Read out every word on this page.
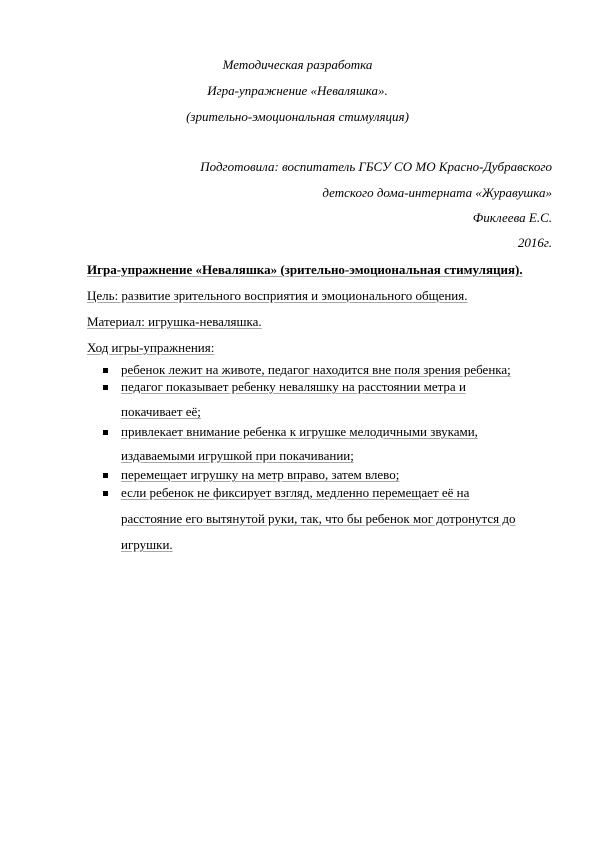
Методическая разработка
Игра-упражнение «Неваляшка».
(зрительно-эмоциональная стимуляция)
Подготовила: воспитатель ГБСУ СО МО Красно-Дубравского
детского дома-интерната «Журавушка»
Фиклеева Е.С.
2016г.
Игра-упражнение «Неваляшка» (зрительно-эмоциональная стимуляция).
Цель: развитие зрительного восприятия и эмоционального общения.
Материал: игрушка-неваляшка.
Ход игры-упражнения:
ребенок лежит на животе, педагог находится вне поля зрения ребенка;
педагог показывает ребенку неваляшку на расстоянии метра и
покачивает её;
привлекает внимание ребенка к игрушке мелодичными звуками,
издаваемыми игрушкой при покачивании;
перемещает игрушку на метр вправо, затем влево;
если ребенок не фиксирует взгляд, медленно перемещает её на
расстояние его вытянутой руки, так, что бы ребенок мог дотронутся до
игрушки.
